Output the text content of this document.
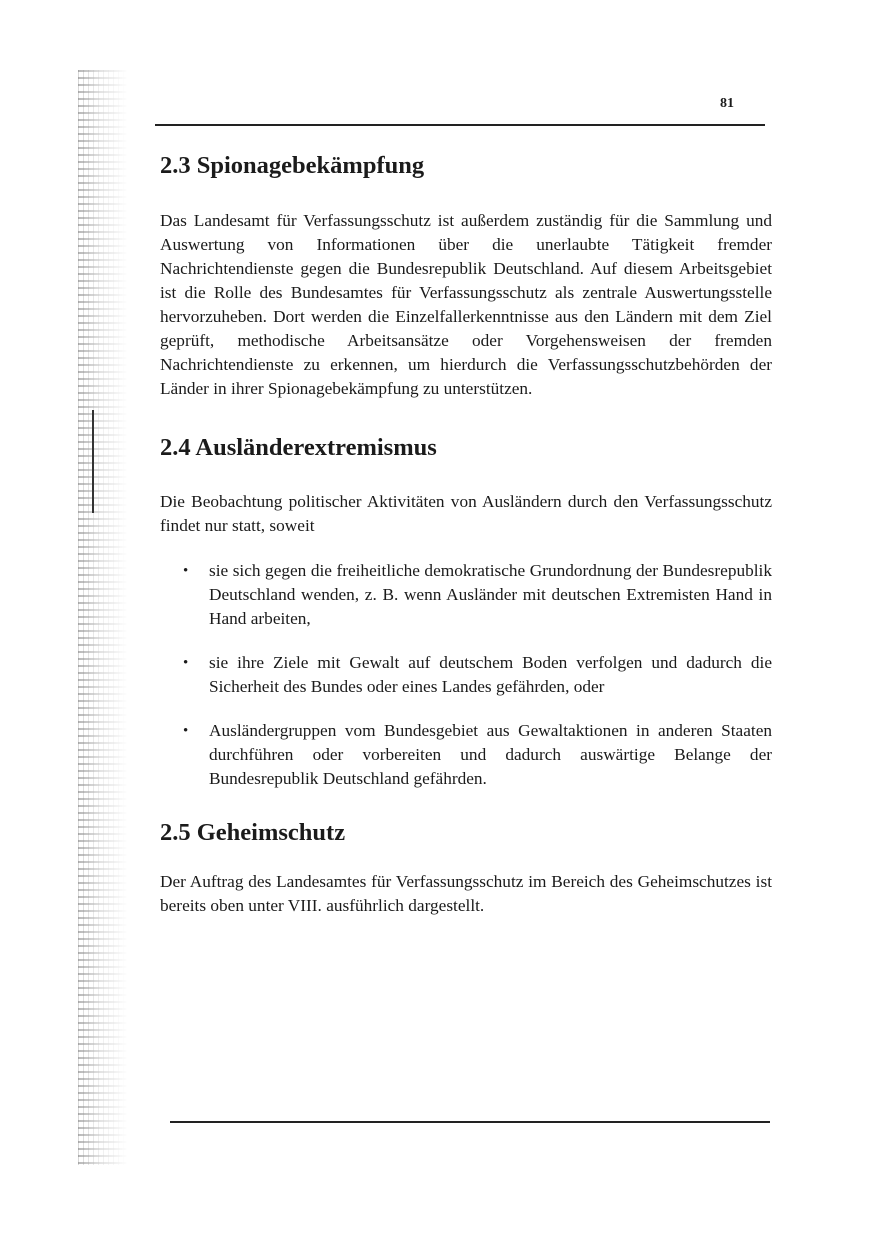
81
2.3 Spionagebekämpfung

Das Landesamt für Verfassungsschutz ist außerdem zuständig für die Sammlung und Auswertung von Informationen über die unerlaubte Tätigkeit fremder Nachrichtendienste gegen die Bundesrepublik Deutschland. Auf diesem Arbeitsgebiet ist die Rolle des Bundesamtes für Verfassungsschutz als zentrale Auswertungsstelle hervorzuheben. Dort werden die Einzelfallerkenntnisse aus den Ländern mit dem Ziel geprüft, methodische Arbeitsansätze oder Vorgehensweisen der fremden Nachrichtendienste zu erkennen, um hierdurch die Verfassungsschutzbehörden der Länder in ihrer Spionagebekämpfung zu unterstützen.

2.4 Ausländerextremismus

Die Beobachtung politischer Aktivitäten von Ausländern durch den Verfassungsschutz findet nur statt, soweit

• sie sich gegen die freiheitliche demokratische Grundordnung der Bundesrepublik Deutschland wenden, z. B. wenn Ausländer mit deutschen Extremisten Hand in Hand arbeiten,
• sie ihre Ziele mit Gewalt auf deutschem Boden verfolgen und dadurch die Sicherheit des Bundes oder eines Landes gefährden, oder
• Ausländergruppen vom Bundesgebiet aus Gewaltaktionen in anderen Staaten durchführen oder vorbereiten und dadurch auswärtige Belange der Bundesrepublik Deutschland gefährden.
2.5 Geheimschutz

Der Auftrag des Landesamtes für Verfassungsschutz im Bereich des Geheimschutzes ist bereits oben unter VIII. ausführlich dargestellt.
